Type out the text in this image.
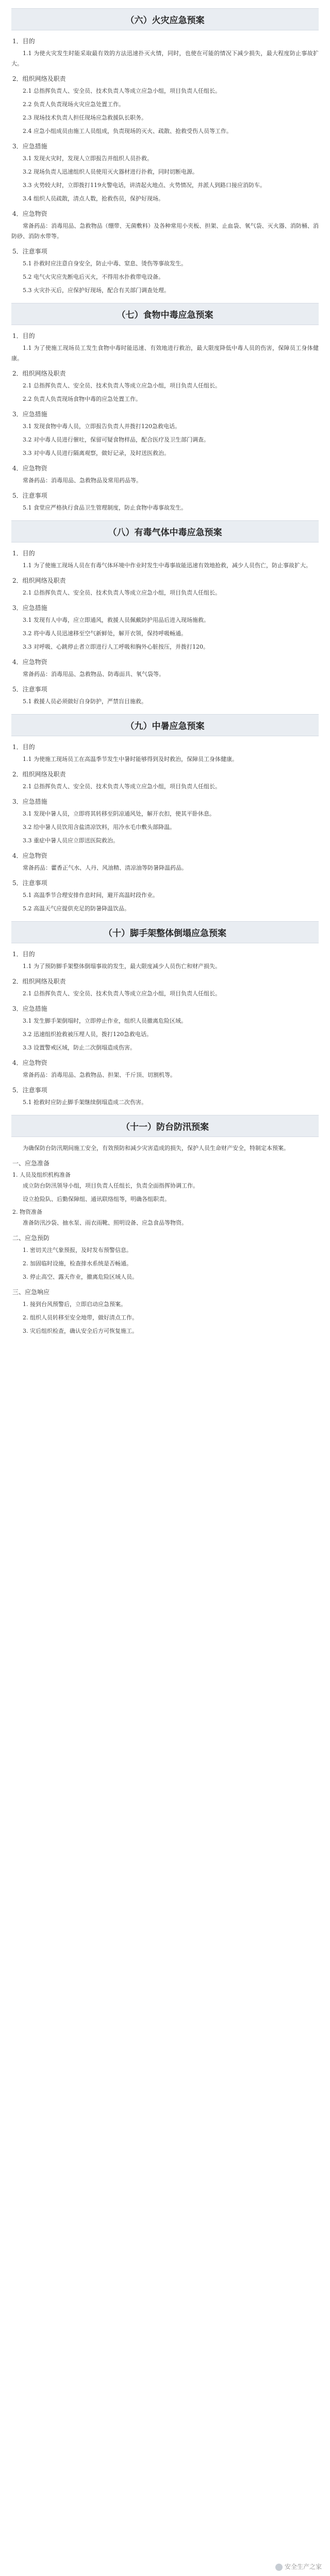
（六）火灾应急预案
1．目的
1.1 为使火灾发生时能采取最有效的方法迅速扑灭火情，同时，也使在可能的情况下减少损失，最大程度防止事故扩大。
2．组织网络及职责
2.1 总指挥负责人、安全员、技术负责人等成立应急小组，项目负责人任组长。
2.2 负责人负责现场火灾应急处置工作。
2.3 现场技术负责人担任现场应急救援队长职务。
2.4 应急小组成员由施工人员组成，负责现场的灭火、疏散、抢救受伤人员等工作。
3．应急措施
3.1 发现火灾时，发现人立即报告并组织人员扑救。
3.2 现场负责人迅速组织人员使用灭火器材进行扑救，同时切断电源。
3.3 火势较大时，立即拨打119火警电话，讲清起火地点、火势情况，并派人到路口接应消防车。
3.4 组织人员疏散，清点人数，抢救伤员，保护好现场。
4．应急物资
常备药品：消毒用品、急救物品（绷带、无菌敷料）及各种常用小夹板、担架、止血袋、氧气袋、灭火器、消防桶、消防砂、消防水带等。
5．注意事项
5.1 扑救时应注意自身安全，防止中毒、窒息、烫伤等事故发生。
5.2 电气火灾应先断电后灭火，不得用水扑救带电设备。
5.3 火灾扑灭后，应保护好现场，配合有关部门调查处理。
（七）食物中毒应急预案
1．目的
1.1 为了使施工现场员工发生食物中毒时能迅速、有效地进行救治，最大限度降低中毒人员的伤害，保障员工身体健康。
2．组织网络及职责
2.1 总指挥负责人、安全员、技术负责人等成立应急小组，项目负责人任组长。
2.2 负责人负责现场食物中毒的应急处置工作。
3．应急措施
3.1 发现食物中毒人员，立即报告负责人并拨打120急救电话。
3.2 对中毒人员进行催吐，保留可疑食物样品，配合医疗及卫生部门调查。
3.3 对中毒人员进行隔离观察，做好记录，及时送医救治。
4．应急物资
常备药品：消毒用品、急救物品及常用药品等。
5．注意事项
5.1 食堂应严格执行食品卫生管理制度，防止食物中毒事故发生。
（八）有毒气体中毒应急预案
1．目的
1.1 为了使施工现场人员在有毒气体环境中作业时发生中毒事故能迅速有效地抢救，减少人员伤亡，防止事故扩大。
2．组织网络及职责
2.1 总指挥负责人、安全员、技术负责人等成立应急小组，项目负责人任组长。
3．应急措施
3.1 发现有人中毒，应立即通风，救援人员佩戴防护用品后进入现场施救。
3.2 将中毒人员迅速移至空气新鲜处，解开衣领，保持呼吸畅通。
3.3 对呼吸、心跳停止者立即进行人工呼吸和胸外心脏按压，并拨打120。
4．应急物资
常备药品：消毒用品、急救物品、防毒面具、氧气袋等。
5．注意事项
5.1 救援人员必须做好自身防护，严禁盲目施救。
（九）中暑应急预案
1．目的
1.1 为使施工现场员工在高温季节发生中暑时能够得到及时救治，保障员工身体健康。
2．组织网络及职责
2.1 总指挥负责人、安全员、技术负责人等成立应急小组，项目负责人任组长。
3．应急措施
3.1 发现中暑人员，立即将其转移至阴凉通风处，解开衣扣，使其平卧休息。
3.2 给中暑人员饮用含盐清凉饮料，用冷水毛巾敷头部降温。
3.3 重症中暑人员应立即送医院救治。
4．应急物资
常备药品：藿香正气水、人丹、风油精、清凉油等防暑降温药品。
5．注意事项
5.1 高温季节合理安排作息时间，避开高温时段作业。
5.2 高温天气应提供充足的防暑降温饮品。
（十）脚手架整体倒塌应急预案
1．目的
1.1 为了预防脚手架整体倒塌事故的发生，最大限度减少人员伤亡和财产损失。
2．组织网络及职责
2.1 总指挥负责人、安全员、技术负责人等成立应急小组，项目负责人任组长。
3．应急措施
3.1 发生脚手架倒塌时，立即停止作业，组织人员撤离危险区域。
3.2 迅速组织抢救被压埋人员，拨打120急救电话。
3.3 设置警戒区域，防止二次倒塌造成伤害。
4．应急物资
常备药品：消毒用品、急救物品、担架、千斤顶、切割机等。
5．注意事项
5.1 抢救时应防止脚手架继续倒塌造成二次伤害。
（十一）防台防汛预案
为确保防台防汛期间施工安全，有效预防和减少灾害造成的损失，保护人员生命财产安全，特制定本预案。
一、应急准备
1. 人员及组织机构准备
成立防台防汛领导小组，项目负责人任组长，负责全面指挥协调工作。
设立抢险队、后勤保障组、通讯联络组等，明确各组职责。
2. 物资准备
准备防汛沙袋、抽水泵、雨衣雨靴、照明设备、应急食品等物资。
二、应急预防
1. 密切关注气象预报，及时发布预警信息。
2. 加固临时设施，检查排水系统是否畅通。
3. 停止高空、露天作业，撤离危险区域人员。
三、应急响应
1. 接到台风预警后，立即启动应急预案。
2. 组织人员转移至安全地带，做好清点工作。
3. 灾后组织检查，确认安全后方可恢复施工。
安全生产之家
